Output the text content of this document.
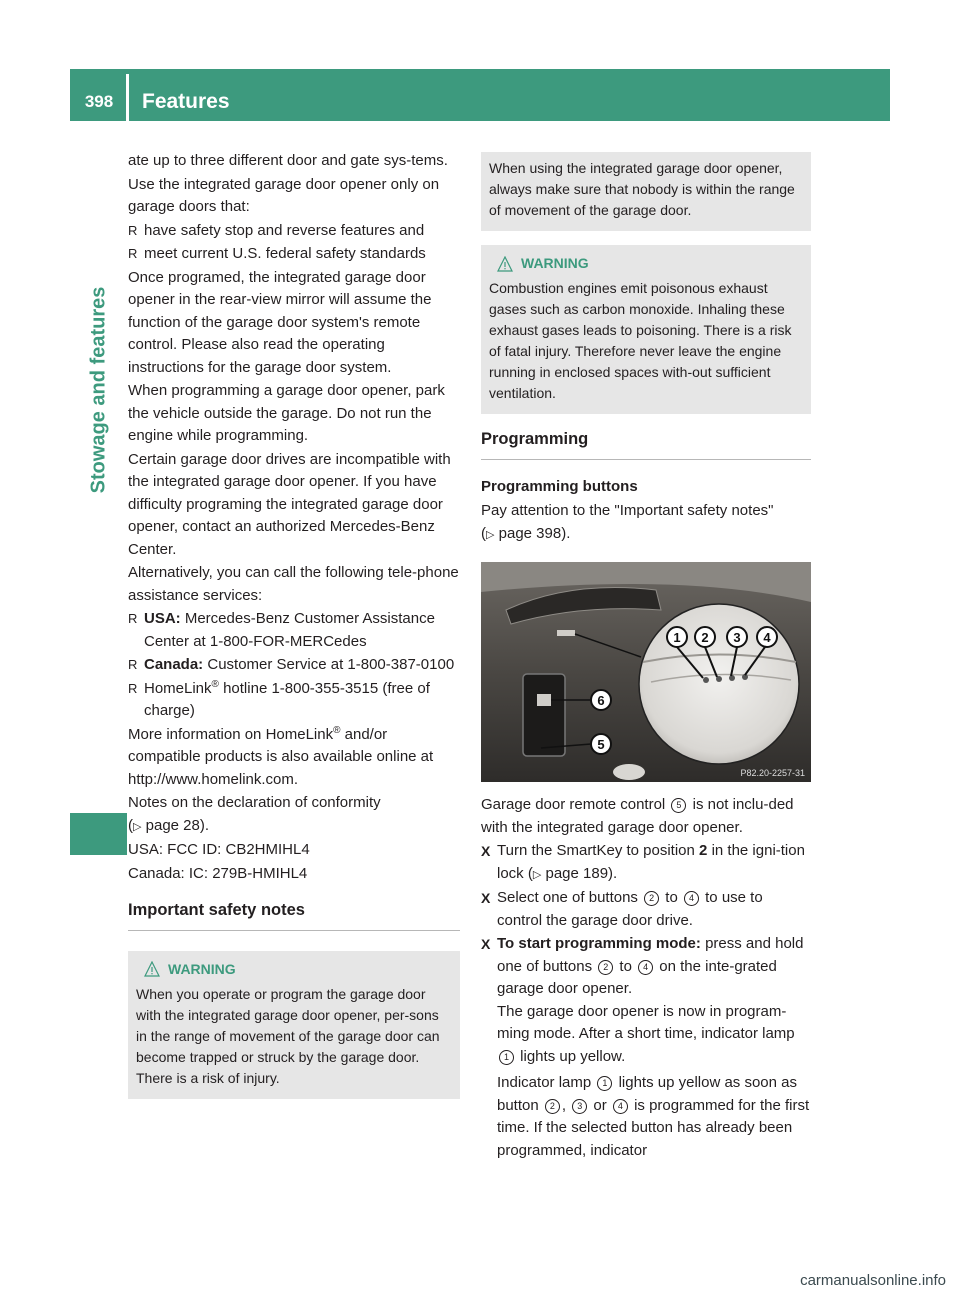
398	Features
Stowage and features

ate up to three different door and gate sys-tems.

Use the integrated garage door opener only on garage doors that:

R have safety stop and reverse features and
R meet current U.S. federal safety standards

Once programed, the integrated garage door opener in the rear-view mirror will assume the function of the garage door system's remote control. Please also read the operating instructions for the garage door system.

When programming a garage door opener, park the vehicle outside the garage. Do not run the engine while programming.

Certain garage door drives are incompatible with the integrated garage door opener. If you have difficulty programing the integrated garage door opener, contact an authorized Mercedes-Benz Center.

Alternatively, you can call the following tele-phone assistance services:

R USA: Mercedes-Benz Customer Assistance Center at 1-800-FOR-MERCedes
R Canada: Customer Service at 1-800-387-0100
R HomeLink® hotline 1-800-355-3515 (free of charge)

More information on HomeLink® and/or compatible products is also available online at http://www.homelink.com.

Notes on the declaration of conformity
(▷ page 28).

USA: FCC ID: CB2HMIHL4

Canada: IC: 279B-HMIHL4

Important safety notes
WARNING
When you operate or program the garage door with the integrated garage door opener, per-sons in the range of movement of the garage door can become trapped or struck by the garage door. There is a risk of injury.
When using the integrated garage door opener, always make sure that nobody is within the range of movement of the garage door.
WARNING
Combustion engines emit poisonous exhaust gases such as carbon monoxide. Inhaling these exhaust gases leads to poisoning. There is a risk of fatal injury. Therefore never leave the engine running in enclosed spaces with-out sufficient ventilation.
Programming
Programming buttons

Pay attention to the "Important safety notes"
(▷ page 398).

1 2 3 4
6
5
P82.20-2257-31

Garage door remote control 5 is not inclu-ded with the integrated garage door opener.

X Turn the SmartKey to position 2 in the igni-tion lock (▷ page 189).
X Select one of buttons 2 to 4 to use to control the garage door drive.
X To start programming mode: press and hold one of buttons 2 to 4 on the inte-grated garage door opener.
The garage door opener is now in program-ming mode. After a short time, indicator lamp 1 lights up yellow.
Indicator lamp 1 lights up yellow as soon as button 2 , 3 or 4 is programmed for the first time. If the selected button has already been programmed, indicator
carmanualsonline.info
